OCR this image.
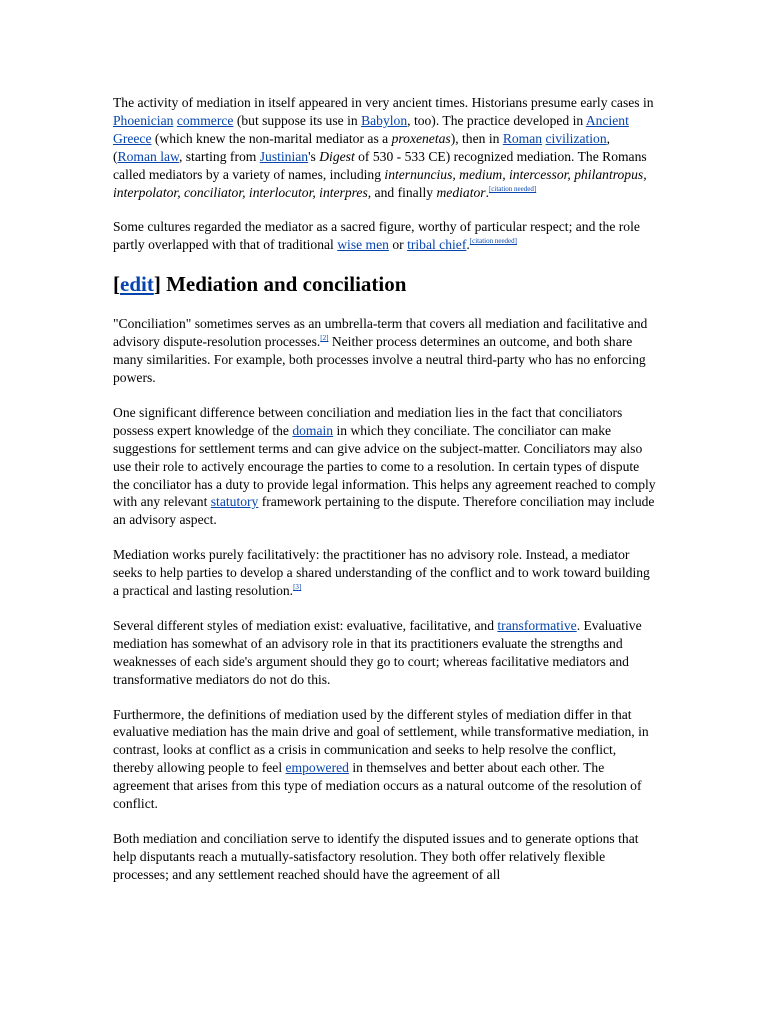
The activity of mediation in itself appeared in very ancient times. Historians presume early cases in Phoenician commerce (but suppose its use in Babylon, too). The practice developed in Ancient Greece (which knew the non-marital mediator as a proxenetas), then in Roman civilization, (Roman law, starting from Justinian's Digest of 530 - 533 CE) recognized mediation. The Romans called mediators by a variety of names, including internuncius, medium, intercessor, philantropus, interpolator, conciliator, interlocutor, interpres, and finally mediator.[citation needed]

Some cultures regarded the mediator as a sacred figure, worthy of particular respect; and the role partly overlapped with that of traditional wise men or tribal chief.[citation needed]

[edit] Mediation and conciliation

"Conciliation" sometimes serves as an umbrella-term that covers all mediation and facilitative and advisory dispute-resolution processes.[2] Neither process determines an outcome, and both share many similarities. For example, both processes involve a neutral third-party who has no enforcing powers.

One significant difference between conciliation and mediation lies in the fact that conciliators possess expert knowledge of the domain in which they conciliate. The conciliator can make suggestions for settlement terms and can give advice on the subject-matter. Conciliators may also use their role to actively encourage the parties to come to a resolution. In certain types of dispute the conciliator has a duty to provide legal information. This helps any agreement reached to comply with any relevant statutory framework pertaining to the dispute. Therefore conciliation may include an advisory aspect.

Mediation works purely facilitatively: the practitioner has no advisory role. Instead, a mediator seeks to help parties to develop a shared understanding of the conflict and to work toward building a practical and lasting resolution.[3]

Several different styles of mediation exist: evaluative, facilitative, and transformative. Evaluative mediation has somewhat of an advisory role in that its practitioners evaluate the strengths and weaknesses of each side's argument should they go to court; whereas facilitative mediators and transformative mediators do not do this.

Furthermore, the definitions of mediation used by the different styles of mediation differ in that evaluative mediation has the main drive and goal of settlement, while transformative mediation, in contrast, looks at conflict as a crisis in communication and seeks to help resolve the conflict, thereby allowing people to feel empowered in themselves and better about each other. The agreement that arises from this type of mediation occurs as a natural outcome of the resolution of conflict.

Both mediation and conciliation serve to identify the disputed issues and to generate options that help disputants reach a mutually-satisfactory resolution. They both offer relatively flexible processes; and any settlement reached should have the agreement of all
